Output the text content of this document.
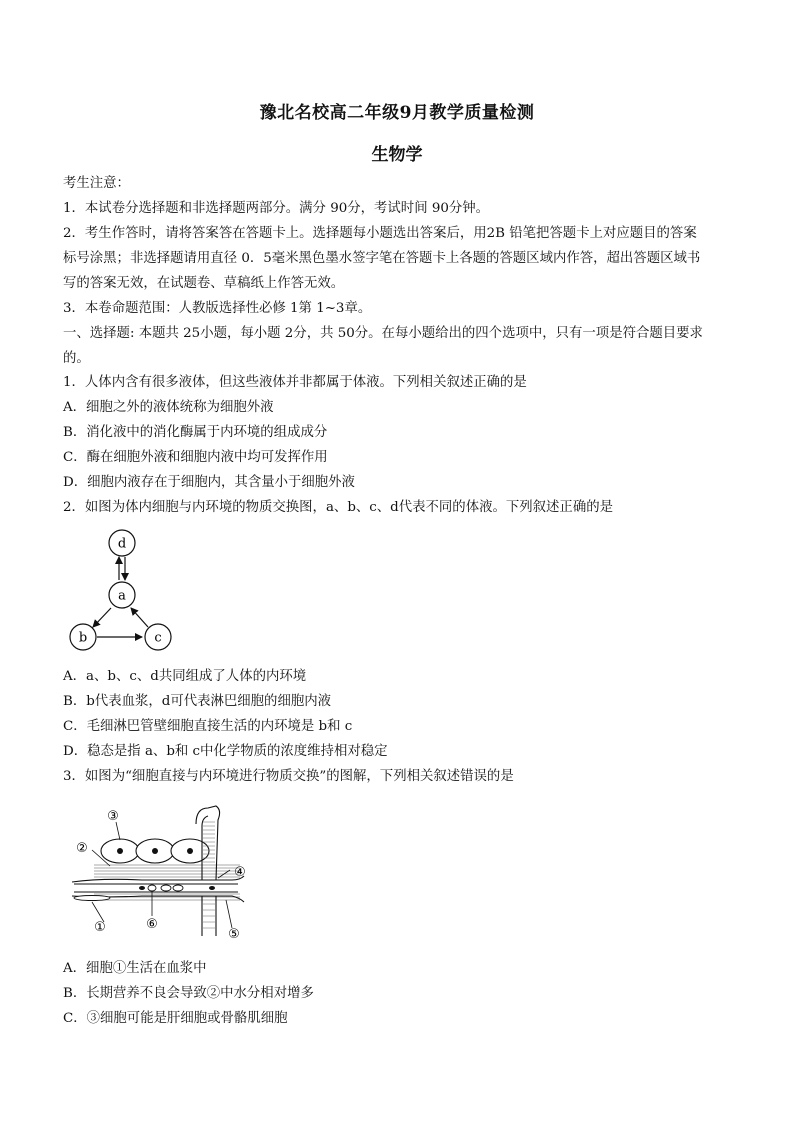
豫北名校高二年级9月教学质量检测
生物学
考生注意：
1．本试卷分选择题和非选择题两部分。满分 90分，考试时间 90分钟。
2．考生作答时，请将答案答在答题卡上。选择题每小题选出答案后，用2B 铅笔把答题卡上对应题目的答案
标号涂黑；非选择题请用直径 0．5毫米黑色墨水签字笔在答题卡上各题的答题区域内作答，超出答题区域书
写的答案无效，在试题卷、草稿纸上作答无效。
3．本卷命题范围：人教版选择性必修 1第 1~3章。
一、选择题: 本题共 25小题，每小题 2分，共 50分。在每小题给出的四个选项中，只有一项是符合题目要求
的。
1．人体内含有很多液体，但这些液体并非都属于体液。下列相关叙述正确的是
A．细胞之外的液体统称为细胞外液
B．消化液中的消化酶属于内环境的组成成分
C．酶在细胞外液和细胞内液中均可发挥作用
D．细胞内液存在于细胞内，其含量小于细胞外液
2．如图为体内细胞与内环境的物质交换图，a、b、c、d代表不同的体液。下列叙述正确的是
d
a
b	c
A．a、b、c、d共同组成了人体的内环境
B．b代表血浆，d可代表淋巴细胞的细胞内液
C．毛细淋巴管壁细胞直接生活的内环境是 b和 c
D．稳态是指 a、b和 c中化学物质的浓度维持相对稳定
3．如图为“细胞直接与内环境进行物质交换”的图解，下列相关叙述错误的是
③
②
④
①	⑥
⑤
A．细胞①生活在血浆中
B．长期营养不良会导致②中水分相对增多
C．③细胞可能是肝细胞或骨骼肌细胞
